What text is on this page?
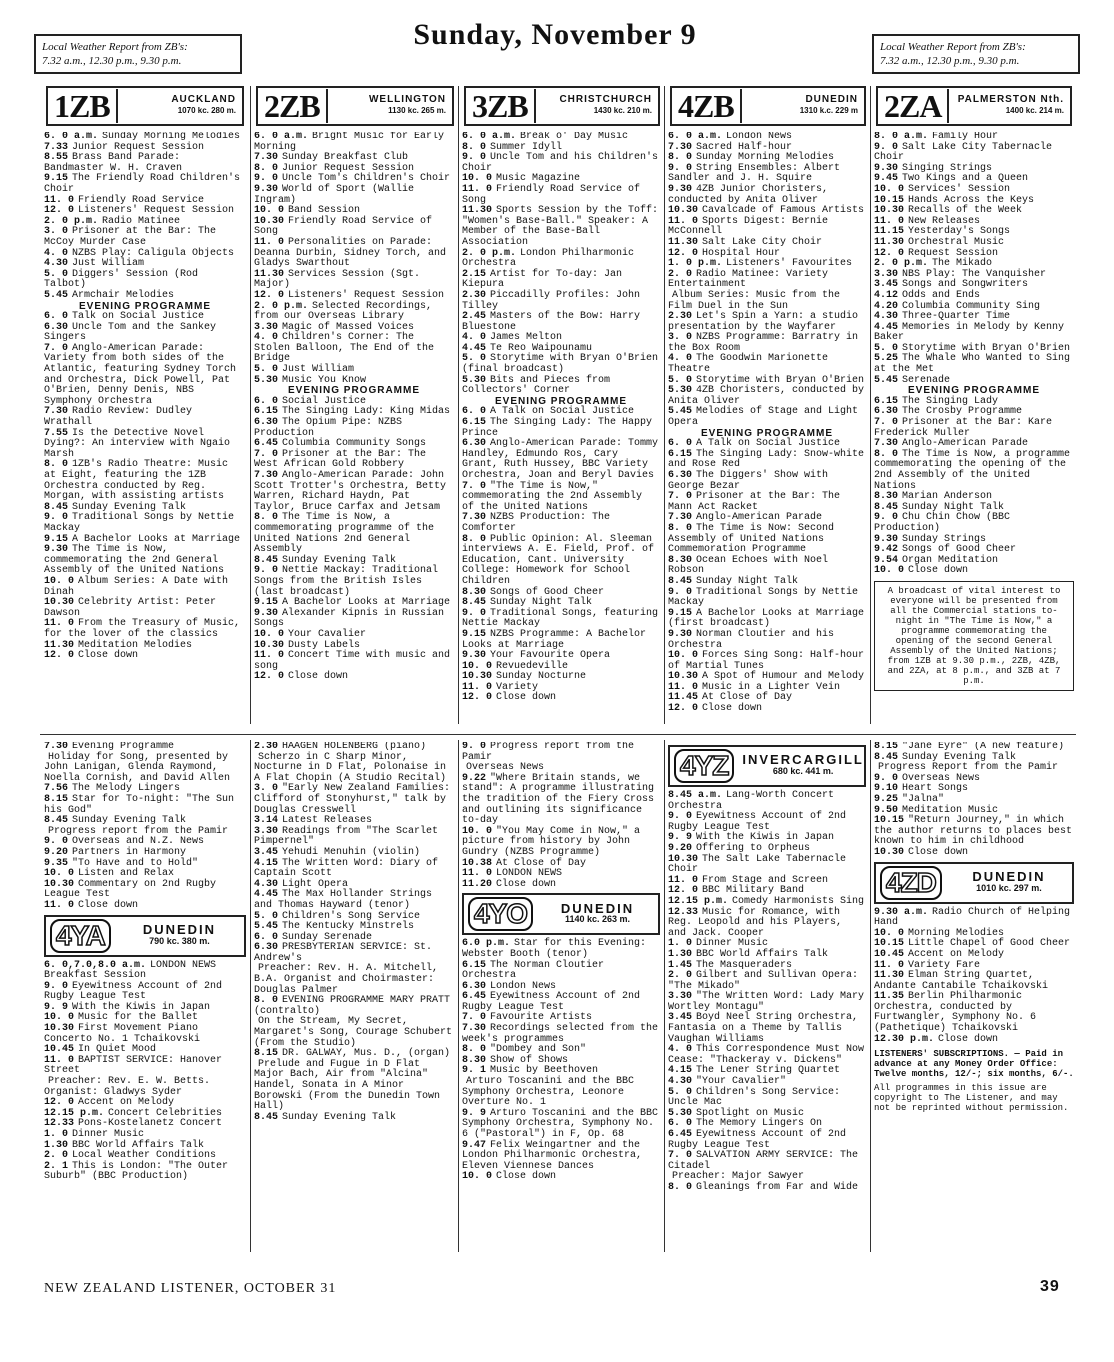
Local Weather Report from ZB's:
7.32 a.m., 12.30 p.m., 9.30 p.m.
Sunday, November 9	Local Weather Report from ZB's:
7.32 a.m., 12.30 p.m., 9.30 p.m.
1ZB	AUCKLAND
1070 kc. 280 m. 2ZB	WELLINGTON
1130 kc. 265 m. 3ZB	CHRISTCHURCH
1430 kc. 210 m. 4ZB	DUNEDIN
1310 k.c. 229 m 2ZA	PALMERSTON Nth.
1400 kc. 214 m.

6. 0 a.m. Sunday Morning Melodies

7.33 Junior Request Session

8.55 Brass Band Parade: Bandmaster W. H. Craven

9.15 The Friendly Road Children's Choir

11. 0 Friendly Road Service

12. 0 Listeners' Request Session

2. 0 p.m. Radio Matinee

3. 0 Prisoner at the Bar: The McCoy Murder Case

4. 0 NZBS Play: Caligula Objects

4.30 Just William

5. 0 Diggers' Session (Rod Talbot)

5.45 Armchair Melodies

EVENING PROGRAMME

6. 0 Talk on Social Justice

6.30 Uncle Tom and the Sankey Singers

7. 0 Anglo-American Parade: Variety from both sides of the Atlantic, featuring Sydney Torch and Orchestra, Dick Powell, Pat O'Brien, Denny Denis, NBS Symphony Orchestra

7.30 Radio Review: Dudley Wrathall

7.55 Is the Detective Novel Dying?: An interview with Ngaio Marsh

8. 0 1ZB's Radio Theatre: Music at Eight, featuring the 1ZB Orchestra conducted by Reg. Morgan, with assisting artists

8.45 Sunday Evening Talk

9. 0 Traditional Songs by Nettie Mackay

9.15 A Bachelor Looks at Marriage

9.30 The Time is Now, commemorating the 2nd General Assembly of the United Nations

10. 0 Album Series: A Date with Dinah

10.30 Celebrity Artist: Peter Dawson

11. 0 From the Treasury of Music, for the lover of the classics

11.30 Meditation Melodies

12. 0 Close down

6. 0 a.m. Bright Music for Early Morning

7.30 Sunday Breakfast Club

8. 0 Junior Request Session

9. 0 Uncle Tom's Children's Choir

9.30 World of Sport (Wallie Ingram)

10. 0 Band Session

10.30 Friendly Road Service of Song

11. 0 Personalities on Parade: Deanna Durbin, Sidney Torch, and Gladys Swarthout

11.30 Services Session (Sgt. Major)

12. 0 Listeners' Request Session

2. 0 p.m. Selected Recordings, from our Overseas Library

3.30 Magic of Massed Voices

4. 0 Children's Corner: The Stolen Balloon, The End of the Bridge

5. 0 Just William

5.30 Music You Know

EVENING PROGRAMME

6. 0 Social Justice

6.15 The Singing Lady: King Midas

6.30 The Opium Pipe: NZBS Production

6.45 Columbia Community Songs

7. 0 Prisoner at the Bar: The West African Gold Robbery

7.30 Anglo-American Parade: John Scott Trotter's Orchestra, Betty Warren, Richard Haydn, Pat Taylor, Bruce Carfax and Jetsam

8. 0 The Time is Now, a commemorating programme of the United Nations 2nd General Assembly

8.45 Sunday Evening Talk

9. 0 Nettie Mackay: Traditional Songs from the British Isles (last broadcast)

9.15 A Bachelor Looks at Marriage

9.30 Alexander Kipnis in Russian Songs

10. 0 Your Cavalier

10.30 Dusty Labels

11. 0 Concert Time with music and song

12. 0 Close down

6. 0 a.m. Break o' Day Music

8. 0 Summer Idyll

9. 0 Uncle Tom and his Children's Choir

10. 0 Music Magazine

11. 0 Friendly Road Service of Song

11.30 Sports Session by the Toff: "Women's Base-Ball." Speaker: A Member of the Base-Ball Association

2. 0 p.m. London Philharmonic Orchestra

2.15 Artist for To-day: Jan Kiepura

2.30 Piccadilly Profiles: John Tilley

2.45 Masters of the Bow: Harry Bluestone

4. 0 James Melton

4.45 Te Reo Waipounamu

5. 0 Storytime with Bryan O'Brien (final broadcast)

5.30 Bits and Pieces from Collectors' Corner

EVENING PROGRAMME

6. 0 A Talk on Social Justice

6.15 The Singing Lady: The Happy Prince

6.30 Anglo-American Parade: Tommy Handley, Edmundo Ros, Cary Grant, Ruth Hussey, BBC Variety Orchestra, Joan and Beryl Davies

7. 0 "The Time is Now," commemorating the 2nd Assembly of the United Nations

7.30 NZBS Production: The Comforter

8. 0 Public Opinion: Al. Sleeman interviews A. E. Field, Prof. of Education, Cant. University College: Homework for School Children

8.30 Songs of Good Cheer

8.45 Sunday Night Talk

9. 0 Traditional Songs, featuring Nettie Mackay

9.15 NZBS Programme: A Bachelor Looks at Marriage

9.30 Your Favourite Opera

10. 0 Revuedeville

10.30 Sunday Nocturne

11. 0 Variety

12. 0 Close down

6. 0 a.m. London News

7.30 Sacred Half-hour

8. 0 Sunday Morning Melodies

9. 0 String Ensembles: Albert Sandler and J. H. Squire

9.30 4ZB Junior Choristers, conducted by Anita Oliver

10.30 Cavalcade of Famous Artists

11. 0 Sports Digest: Bernie McConnell

11.30 Salt Lake City Choir

12. 0 Hospital Hour

1. 0 p.m. Listeners' Favourites

2. 0 Radio Matinee: Variety Entertainment

Album Series: Music from the Film Duel in the Sun

2.30 Let's Spin a Yarn: a studio presentation by the Wayfarer

3. 0 NZBS Programme: Barratry in the Box Room

4. 0 The Goodwin Marionette Theatre

5. 0 Storytime with Bryan O'Brien

5.30 4ZB Choristers, conducted by Anita Oliver

5.45 Melodies of Stage and Light Opera

EVENING PROGRAMME

6. 0 A Talk on Social Justice

6.15 The Singing Lady: Snow-white and Rose Red

6.30 The Diggers' Show with George Bezar

7. 0 Prisoner at the Bar: The Mann Act Racket

7.30 Anglo-American Parade

8. 0 The Time is Now: Second Assembly of United Nations Commemoration Programme

8.30 Ocean Echoes with Noel Robson

8.45 Sunday Night Talk

9. 0 Traditional Songs by Nettie Mackay

9.15 A Bachelor Looks at Marriage (first broadcast)

9.30 Norman Cloutier and his Orchestra

10. 0 Forces Sing Song: Half-hour of Martial Tunes

10.30 A Spot of Humour and Melody

11. 0 Music in a Lighter Vein

11.45 At Close of Day

12. 0 Close down

8. 0 a.m. Family Hour

9. 0 Salt Lake City Tabernacle Choir

9.30 Singing Strings

9.45 Two Kings and a Queen

10. 0 Services' Session

10.15 Hands Across the Keys

10.30 Recalls of the Week

11. 0 New Releases

11.15 Yesterday's Songs

11.30 Orchestral Music

12. 0 Request Session

2. 0 p.m. The Mikado

3.30 NBS Play: The Vanquisher

3.45 Songs and Songwriters

4.12 Odds and Ends

4.20 Columbia Community Sing

4.30 Three-Quarter Time

4.45 Memories in Melody by Kenny Baker

5. 0 Storytime with Bryan O'Brien

5.25 The Whale Who Wanted to Sing at the Met

5.45 Serenade

EVENING PROGRAMME

6.15 The Singing Lady

6.30 The Crosby Programme

7. 0 Prisoner at the Bar: Kare Frederick Muller

7.30 Anglo-American Parade

8. 0 The Time is Now, a programme commemorating the opening of the 2nd Assembly of the United Nations

8.30 Marian Anderson

8.45 Sunday Night Talk

9. 0 Chu Chin Chow (BBC Production)

9.30 Sunday Strings

9.42 Songs of Good Cheer

9.54 Organ Meditation

10. 0 Close down

A broadcast of vital interest to everyone will be presented from all the Commercial stations to-night in "The Time is Now," a programme commemorating the opening of the second General Assembly of the United Nations; from 1ZB at 9.30 p.m., 2ZB, 4ZB, and 2ZA, at 8 p.m., and 3ZB at 7 p.m.

7.30 Evening Programme

Holiday for Song, presented by John Lanigan, Glenda Raymond, Noella Cornish, and David Allen

7.56 The Melody Lingers

8.15 Star for To-night: "The Sun his God"

8.45 Sunday Evening Talk

Progress report from the Pamir

9. 0 Overseas and N.Z. News

9.20 Partners in Harmony

9.35 "To Have and to Hold"

10. 0 Listen and Relax

10.30 Commentary on 2nd Rugby League Test

11. 0 Close down

4YA	DUNEDIN
790 kc. 380 m.

6. 0,7.0,8.0 a.m. LONDON NEWS Breakfast Session

9. 0 Eyewitness Account of 2nd Rugby League Test

9. 9 With the Kiwis in Japan

10. 0 Music for the Ballet

10.30 First Movement Piano Concerto No. 1 Tchaikovski

10.45 In Quiet Mood

11. 0 BAPTIST SERVICE: Hanover Street

Preacher: Rev. E. W. Betts. Organist: Gladwys Syder

12. 0 Accent on Melody

12.15 p.m. Concert Celebrities

12.33 Pons-Kostelanetz Concert

1. 0 Dinner Music

1.30 BBC World Affairs Talk

2. 0 Local Weather Conditions

2. 1 This is London: "The Outer Suburb" (BBC Production)

2.30 HAAGEN HOLENBERG (piano)

Scherzo in C Sharp Minor, Nocturne in D Flat, Polonaise in A Flat Chopin (A Studio Recital)

3. 0 "Early New Zealand Families: Clifford of Stonyhurst," talk by Douglas Cresswell

3.14 Latest Releases

3.30 Readings from "The Scarlet Pimpernel"

3.45 Yehudi Menuhin (violin)

4.15 The Written Word: Diary of Captain Scott

4.30 Light Opera

4.45 The Max Hollander Strings and Thomas Hayward (tenor)

5. 0 Children's Song Service

5.45 The Kentucky Minstrels

6. 0 Sunday Serenade

6.30 PRESBYTERIAN SERVICE: St. Andrew's

Preacher: Rev. H. A. Mitchell, B.A. Organist and Choirmaster: Douglas Palmer

8. 0 EVENING PROGRAMME MARY PRATT (contralto)

On the Stream, My Secret, Margaret's Song, Courage Schubert (From the Studio)

8.15 DR. GALWAY, Mus. D., (organ)

Prelude and Fugue in D Flat Major Bach, Air from "Alcina" Handel, Sonata in A Minor Borowski (From the Dunedin Town Hall)

8.45 Sunday Evening Talk

9. 0 Progress report from the Pamir

Overseas News

9.22 "Where Britain stands, we stand": A programme illustrating the tradition of the Fiery Cross and outlining its significance to-day

10. 0 "You May Come in Now," a picture from history by John Gundry (NZBS Programme)

10.38 At Close of Day

11. 0 LONDON NEWS

11.20 Close down

4YO	DUNEDIN
1140 kc. 263 m.

6.0 p.m. Star for this Evening: Webster Booth (tenor)

6.15 The Norman Cloutier Orchestra

6.30 London News

6.45 Eyewitness Account of 2nd Rugby League Test

7. 0 Favourite Artists

7.30 Recordings selected from the week's programmes

8. 0 "Dombey and Son"

8.30 Show of Shows

9. 1 Music by Beethoven

Arturo Toscanini and the BBC Symphony Orchestra, Leonore Overture No. 1

9. 9 Arturo Toscanini and the BBC Symphony Orchestra, Symphony No. 6 ("Pastoral") in F, Op. 68

9.47 Felix Weingartner and the London Philharmonic Orchestra, Eleven Viennese Dances

10. 0 Close down

4YZ	INVERCARGILL
680 kc. 441 m.

8.45 a.m. Lang-Worth Concert Orchestra

9. 0 Eyewitness Account of 2nd Rugby League Test

9. 9 With the Kiwis in Japan

9.20 Offering to Orpheus

10.30 The Salt Lake Tabernacle Choir

11. 0 From Stage and Screen

12. 0 BBC Military Band

12.15 p.m. Comedy Harmonists Sing

12.33 Music for Romance, with Reg. Leopold and his Players, and Jack. Cooper

1. 0 Dinner Music

1.30 BBC World Affairs Talk

1.45 The Masqueraders

2. 0 Gilbert and Sullivan Opera: "The Mikado"

3.30 "The Written Word: Lady Mary Wortley Montagu"

3.45 Boyd Neel String Orchestra, Fantasia on a Theme by Tallis Vaughan Williams

4. 0 This Correspondence Must Now Cease: "Thackeray v. Dickens"

4.15 The Lener String Quartet

4.30 "Your Cavalier"

5. 0 Children's Song Service: Uncle Mac

5.30 Spotlight on Music

6. 0 The Memory Lingers On

6.45 Eyewitness Account of 2nd Rugby League Test

7. 0 SALVATION ARMY SERVICE: The Citadel

Preacher: Major Sawyer

8. 0 Gleanings from Far and Wide

8.15 "Jane Eyre" (A new feature)

8.45 Sunday Evening Talk

Progress Report from the Pamir

9. 0 Overseas News

9.10 Heart Songs

9.25 "Jalna"

9.50 Meditation Music

10.15 "Return Journey," in which the author returns to places best known to him in childhood

10.30 Close down

4ZD	DUNEDIN
1010 kc. 297 m.

9.30 a.m. Radio Church of Helping Hand

10. 0 Morning Melodies

10.15 Little Chapel of Good Cheer

10.45 Accent on Melody

11. 0 Variety Fare

11.30 Elman String Quartet, Andante Cantabile Tchaikovski

11.35 Berlin Philharmonic Orchestra, conducted by Furtwangler, Symphony No. 6 (Pathetique) Tchaikovski

12.30 p.m. Close down

LISTENERS' SUBSCRIPTIONS. — Paid in advance at any Money Order Office: Twelve months, 12/-; six months, 6/-.
All programmes in this issue are copyright to The Listener, and may not be reprinted without permission.
NEW ZEALAND LISTENER, OCTOBER 31	39
